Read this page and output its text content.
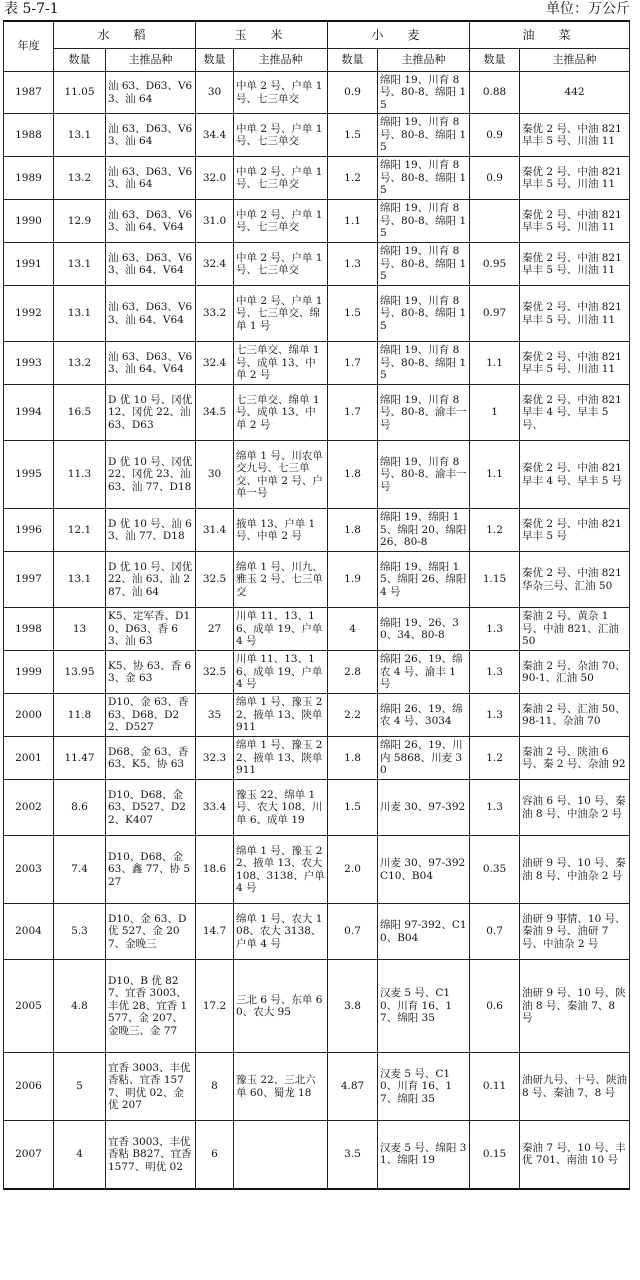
表 5-7-1	单位：万公斤
年度	水　稻		玉　米		小　麦		油　菜	
	数量	主推品种	数量	主推品种	数量	主推品种	数量	主推品种
1987	11.05	汕 63、D63、V63、汕 64	30	中单 2 号、户单 1 号、七三单交	0.9	绵阳 19、川育 8 号、80-8、绵阳 15	0.88	442
1988	13.1	汕 63、D63、V63、汕 64	34.4	中单 2 号、户单 1 号、七三单交	1.5	绵阳 19、川育 8 号、80-8、绵阳 15	0.9	秦优 2 号、中油 821 早丰 5 号、川油 11
1989	13.2	汕 63、D63、V63、汕 64	32.0	中单 2 号、户单 1 号、七三单交	1.2	绵阳 19、川育 8 号、80-8、绵阳 15	0.9	秦优 2 号、中油 821 早丰 5 号、川油 11
1990	12.9	汕 63、D63、V63、汕 64、V64	31.0	中单 2 号、户单 1 号、七三单交	1.1	绵阳 19、川育 8 号、80-8、绵阳 15		秦优 2 号、中油 821 早丰 5 号、川油 11
1991	13.1	汕 63、D63、V63、汕 64、V64	32.4	中单 2 号、户单 1 号、七三单交	1.3	绵阳 19、川育 8 号、80-8、绵阳 15	0.95	秦优 2 号、中油 821 早丰 5 号、川油 11
1992	13.1	汕 63、D63、V63、汕 64、V64	33.2	中单 2 号、户单 1 号、七三单交、绵单 1 号	1.5	绵阳 19、川育 8 号、80-8、绵阳 15	0.97	秦优 2 号、中油 821 早丰 5 号、川油 11
1993	13.2	汕 63、D63、V63、汕 64、V64	32.4	七三单交、绵单 1 号、成单 13、中单 2 号	1.7	绵阳 19、川育 8 号、80-8、绵阳 15	1.1	秦优 2 号、中油 821 早丰 5 号、川油 11
1994	16.5	D 优 10 号、冈优 12、冈优 22、汕 63、D63	34.5	七三单交、绵单 1 号、成单 13、中单 2 号	1.7	绵阳 19、川育 8 号、80-8、渝丰一号	1	秦优 2 号、中油 821 早丰 4 号、早丰 5 号、
1995	11.3	D 优 10 号、冈优 22、冈优 23、汕 63、汕 77、D18	30	绵单 1 号、川农单交九号、七三单交、中单 2 号、户单一号	1.8	绵阳 19、川育 8 号、80-8、渝丰一号	1.1	秦优 2 号、中油 821 早丰 4 号、早丰 5 号
1996	12.1	D 优 10 号、汕 63、汕 77、D18	31.4	掖单 13、户单 1 号、中单 2 号	1.8	绵阳 19、绵阳 15、绵阳 20、绵阳 26、80-8	1.2	秦优 2 号、中油 821 早丰 5 号
1997	13.1	D 优 10 号、冈优 22、汕 63、汕 287、汕 64	32.5	绵单 1 号、川九、雅玉 2 号、七三单交	1.9	绵阳 19、绵阳 15、绵阳 26、绵阳 4 号	1.15	秦优 2 号、中油 821 华杂三号、汇油 50
1998	13	K5、定军香、D10、D63、香 63、汕 63	27	川单 11、13、16、成单 19、户单 4 号	4	绵阳 19、26、30、34、80-8	1.3	秦油 2 号、黄杂 1 号、中油 821、汇油 50
1999	13.95	K5、协 63、香 63、金 63	32.5	川单 11、13、16、成单 19、户单 4 号	2.8	绵阳 26、19、绵农 4 号、渝丰 1 号	1.3	秦油 2 号、杂油 70、90-1、汇油 50
2000	11.8	D10、金 63、香 63、D68、D22、D527	35	绵单 1 号、豫玉 22、掖单 13、陕单 911	2.2	绵阳 26、19、绵农 4 号、3034	1.3	秦油 2 号、汇油 50、98-11、杂油 70
2001	11.47	D68、金 63、香 63、K5、协 63	32.3	绵单 1 号、豫玉 22、掖单 13、陕单 911	1.8	绵阳 26、19、川内 5868、川麦 30	1.2	秦油 2 号、陕油 6 号、秦 2 号、杂油 92
2002	8.6	D10、D68、金 63、D527、D22、K407	33.4	豫玉 22、绵单 1 号、农大 108、川单 6、成单 19	1.5	川麦 30、97-392	1.3	容油 6 号、10 号、秦油 8 号、中油杂 2 号
2003	7.4	D10、D68、金 63、鑫 77、协 527	18.6	绵单 1 号、豫玉 22、掖单 13、农大 108、3138、户单 4 号	2.0	川麦 30、97-392C10、B04	0.35	油研 9 号、10 号、秦油 8 号、中油杂 2 号
2004	5.3	D10、金 63、D 优 527、金 207、金晚三	14.7	绵单 1 号、农大 108、农大 3138、户单 4 号	0.7	绵阳 97-392、C10、B04	0.7	油研 9 事情、10 号、秦油 9 号、油研 7 号、中油杂 2 号
2005	4.8	D10、B 优 827、宜香 3003、丰优 28、宜香 1577、金 207、金晚三、金 77	17.2	三北 6 号、东单 60、农大 95	3.8	汉麦 5 号、C10、川育 16、17、绵阳 35	0.6	油研 9 号、10 号、陕油 8 号、秦油 7、8 号
2006	5	宜香 3003、丰优香粘、宜香 1577、明优 02、金优 207	8	豫玉 22、三北六单 60、蜀龙 18	4.87	汉麦 5 号、C10、川育 16、17、绵阳 35	0.11	油研九号、十号、陕油 8 号、秦油 7、8 号
2007	4	宜香 3003、丰优香粘 B827、宜香 1577、明优 02	6		3.5	汉麦 5 号、绵阳 31、绵阳 19	0.15	秦油 7 号、10 号、丰优 701、南油 10 号
